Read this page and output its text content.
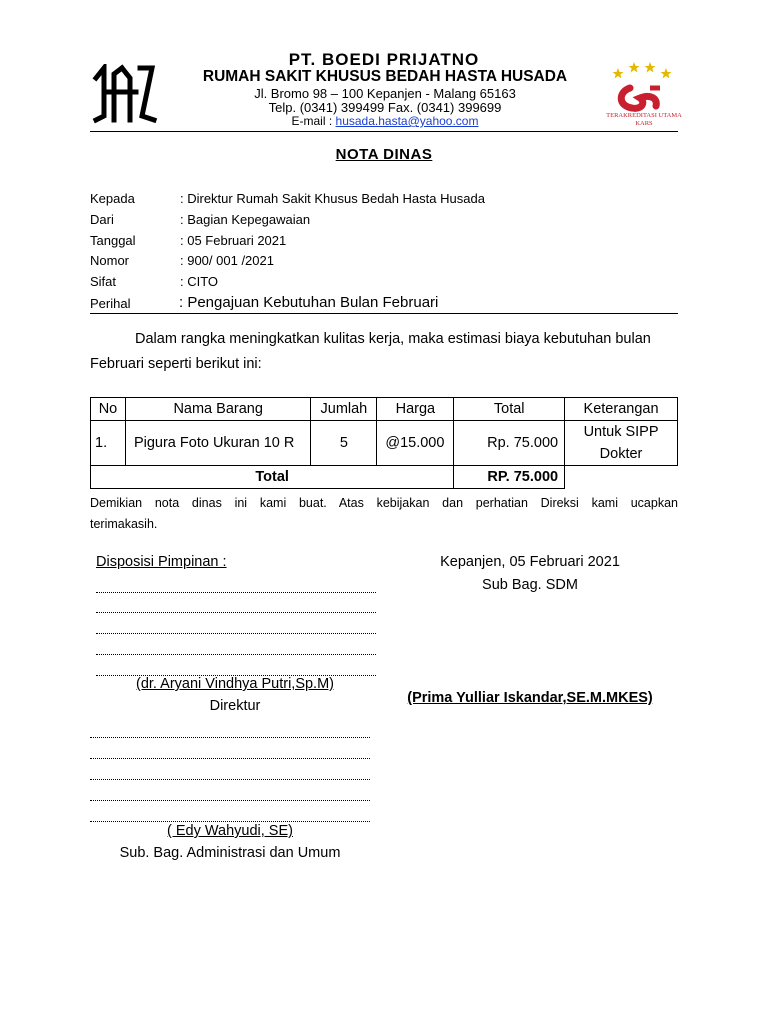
PT. BOEDI PRIJATNO
RUMAH SAKIT KHUSUS BEDAH HASTA HUSADA
Jl. Bromo 98 – 100 Kepanjen - Malang 65163
Telp. (0341) 399499 Fax. (0341) 399699
E-mail : husada.hasta@yahoo.com	TERAKREDITASI UTAMA
KARS
NOTA DINAS
Kepada	: Direktur Rumah Sakit Khusus Bedah Hasta Husada
Dari	: Bagian Kepegawaian
Tanggal	: 05 Februari 2021
Nomor	: 900/ 001 /2021
Sifat	: CITO
Perihal	: Pengajuan Kebutuhan Bulan Februari
Dalam rangka meningkatkan kulitas kerja, maka estimasi biaya kebutuhan bulan
Februari seperti berikut ini:
No	Nama Barang	Jumlah	Harga	Total	Keterangan
1.	Pigura Foto Ukuran 10 R	5	@15.000	Rp. 75.000	Untuk SIPP
Dokter

Total				RP. 75.000	
Demikian nota dinas ini kami buat. Atas kebijakan dan perhatian Direksi kami ucapkan
terimakasih.
Disposisi Pimpinan :
(dr. Aryani Vindhya Putri,Sp.M)
Direktur
( Edy Wahyudi, SE)
Sub. Bag. Administrasi dan Umum
Kepanjen, 05 Februari 2021
Sub Bag. SDM
(Prima Yulliar Iskandar,SE.M.MKES)
